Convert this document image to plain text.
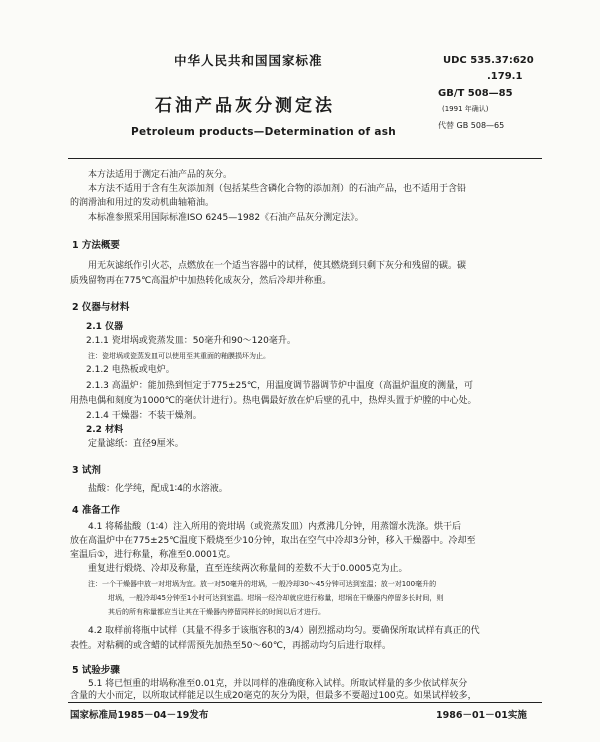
中华人民共和国国家标准
石油产品灰分测定法
Petroleum products—Determination of ash
UDC 535.37:620
.179.1
GB/T 508—85
(1991 年确认)
代替 GB 508—65
本方法适用于测定石油产品的灰分。
本方法不适用于含有生灰添加剂（包括某些含磷化合物的添加剂）的石油产品，也不适用于含铅
的润滑油和用过的发动机曲轴箱油。
本标准参照采用国际标准ISO 6245—1982《石油产品灰分测定法》。
1 方法概要
用无灰滤纸作引火芯，点燃放在一个适当容器中的试样，使其燃烧到只剩下灰分和残留的碳。碳
质残留物再在775℃高温炉中加热转化成灰分，然后冷却并称重。
2 仪器与材料
2.1 仪器
2.1.1 瓷坩埚或瓷蒸发皿：50毫升和90～120毫升。
注：瓷坩埚或瓷蒸发皿可以使用至其重面的釉膜损坏为止。
2.1.2 电热板或电炉。
2.1.3 高温炉：能加热到恒定于775±25℃，用温度调节器调节炉中温度（高温炉温度的测量，可
用热电偶和刻度为1000℃的毫伏计进行）。热电偶最好放在炉后壁的孔中，热焊头置于炉膛的中心处。
2.1.4 干燥器：不装干燥剂。
2.2 材料
定量滤纸：直径9厘米。
3 试剂
盐酸：化学纯，配成1∶4的水溶液。
4 准备工作
4.1 将稀盐酸（1∶4）注入所用的瓷坩埚（或瓷蒸发皿）内煮沸几分钟，用蒸馏水洗涤。烘干后
放在高温炉中在775±25℃温度下煅烧至少10分钟，取出在空气中冷却3分钟，移入干燥器中。冷却至
室温后①，进行称量，称准至0.0001克。
重复进行煅烧、冷却及称量，直至连续两次称量间的差数不大于0.0005克为止。
注：一个干燥器中放一对坩埚为宜。放一对50毫升的坩埚，一般冷却30～45分钟可达到室温；放一对100毫升的
坩埚，一般冷却45分钟至1小时可达到室温。坩埚一经冷却就应进行称量，坩埚在干燥器内停留多长时间，则
其后的所有称量都应当让其在干燥器内停留同样长的时间以后才进行。
4.2 取样前将瓶中试样（其量不得多于该瓶容积的3/4）剧烈摇动均匀。要确保所取试样有真正的代
表性。对粘稠的或含蜡的试样需预先加热至50～60℃，再摇动均匀后进行取样。
5 试验步骤
5.1 将已恒重的坩埚称准至0.01克，并以同样的准确度称入试样。所取试样量的多少依试样灰分
含量的大小而定，以所取试样能足以生成20毫克的灰分为限，但最多不要超过100克。如果试样较多，
国家标准局1985－04－19发布	1986－01－01实施
